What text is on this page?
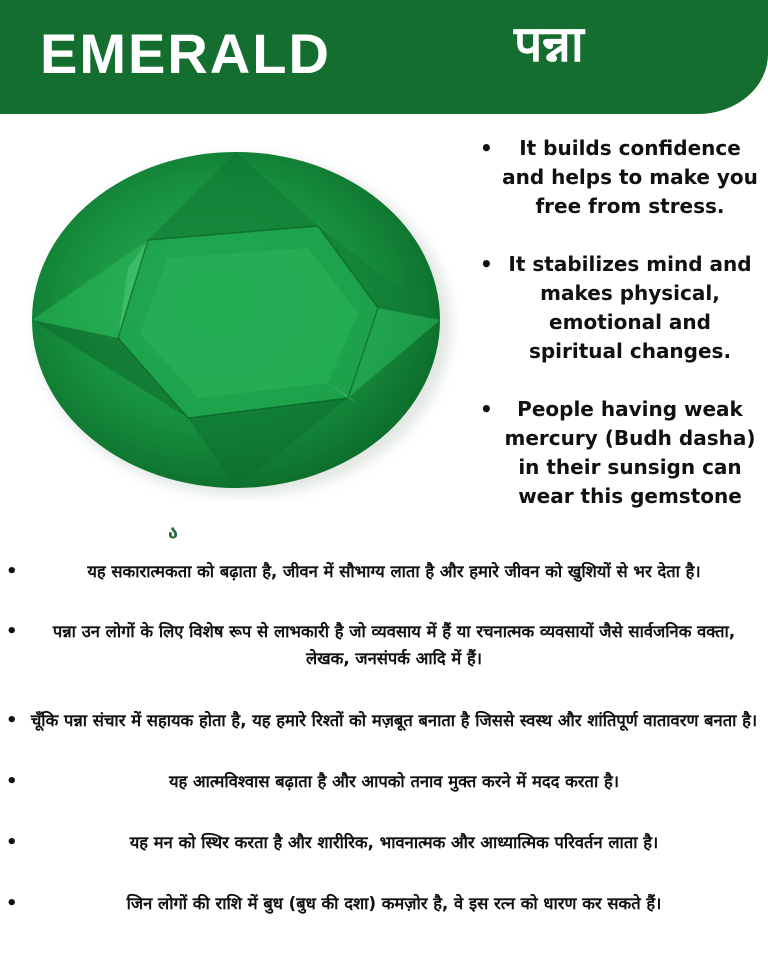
EMERALD	पन्ना
ა
• It builds confidence and helps to make you free from stress.
• It stabilizes mind and makes physical, emotional and spiritual changes.
• People having weak mercury (Budh dasha) in their sunsign can wear this gemstone
•	यह सकारात्मकता को बढ़ाता है, जीवन में सौभाग्य लाता है और हमारे जीवन को खुशियों से भर देता है।
• पन्ना उन लोगों के लिए विशेष रूप से लाभकारी है जो व्यवसाय में हैं या रचनात्मक व्यवसायों जैसे सार्वजनिक वक्ता, लेखक, जनसंपर्क आदि में हैं।
• चूँकि पन्ना संचार में सहायक होता है, यह हमारे रिश्तों को मज़बूत बनाता है जिससे स्वस्थ और शांतिपूर्ण वातावरण बनता है।
•	यह आत्मविश्वास बढ़ाता है और आपको तनाव मुक्त करने में मदद करता है।
•	यह मन को स्थिर करता है और शारीरिक, भावनात्मक और आध्यात्मिक परिवर्तन लाता है।
•	जिन लोगों की राशि में बुध (बुध की दशा) कमज़ोर है, वे इस रत्न को धारण कर सकते हैं।
